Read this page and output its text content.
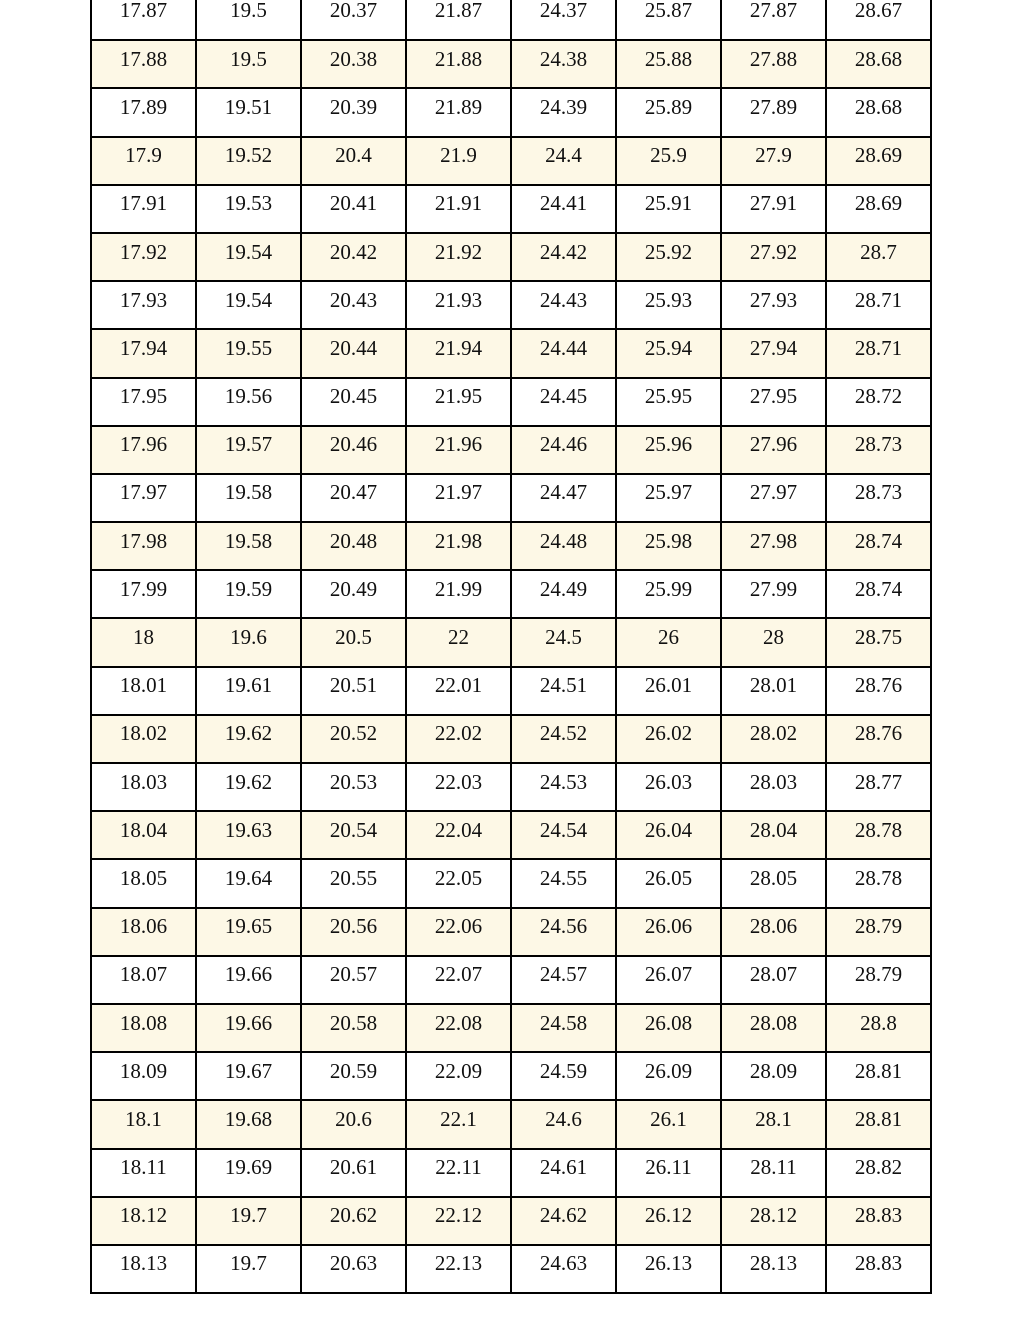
17.87	19.5	20.37	21.87	24.37	25.87	27.87	28.67
17.88	19.5	20.38	21.88	24.38	25.88	27.88	28.68
17.89	19.51	20.39	21.89	24.39	25.89	27.89	28.68
17.9	19.52	20.4	21.9	24.4	25.9	27.9	28.69
17.91	19.53	20.41	21.91	24.41	25.91	27.91	28.69
17.92	19.54	20.42	21.92	24.42	25.92	27.92	28.7
17.93	19.54	20.43	21.93	24.43	25.93	27.93	28.71
17.94	19.55	20.44	21.94	24.44	25.94	27.94	28.71
17.95	19.56	20.45	21.95	24.45	25.95	27.95	28.72
17.96	19.57	20.46	21.96	24.46	25.96	27.96	28.73
17.97	19.58	20.47	21.97	24.47	25.97	27.97	28.73
17.98	19.58	20.48	21.98	24.48	25.98	27.98	28.74
17.99	19.59	20.49	21.99	24.49	25.99	27.99	28.74
18	19.6	20.5	22	24.5	26	28	28.75
18.01	19.61	20.51	22.01	24.51	26.01	28.01	28.76
18.02	19.62	20.52	22.02	24.52	26.02	28.02	28.76
18.03	19.62	20.53	22.03	24.53	26.03	28.03	28.77
18.04	19.63	20.54	22.04	24.54	26.04	28.04	28.78
18.05	19.64	20.55	22.05	24.55	26.05	28.05	28.78
18.06	19.65	20.56	22.06	24.56	26.06	28.06	28.79
18.07	19.66	20.57	22.07	24.57	26.07	28.07	28.79
18.08	19.66	20.58	22.08	24.58	26.08	28.08	28.8
18.09	19.67	20.59	22.09	24.59	26.09	28.09	28.81
18.1	19.68	20.6	22.1	24.6	26.1	28.1	28.81
18.11	19.69	20.61	22.11	24.61	26.11	28.11	28.82
18.12	19.7	20.62	22.12	24.62	26.12	28.12	28.83
18.13	19.7	20.63	22.13	24.63	26.13	28.13	28.83
